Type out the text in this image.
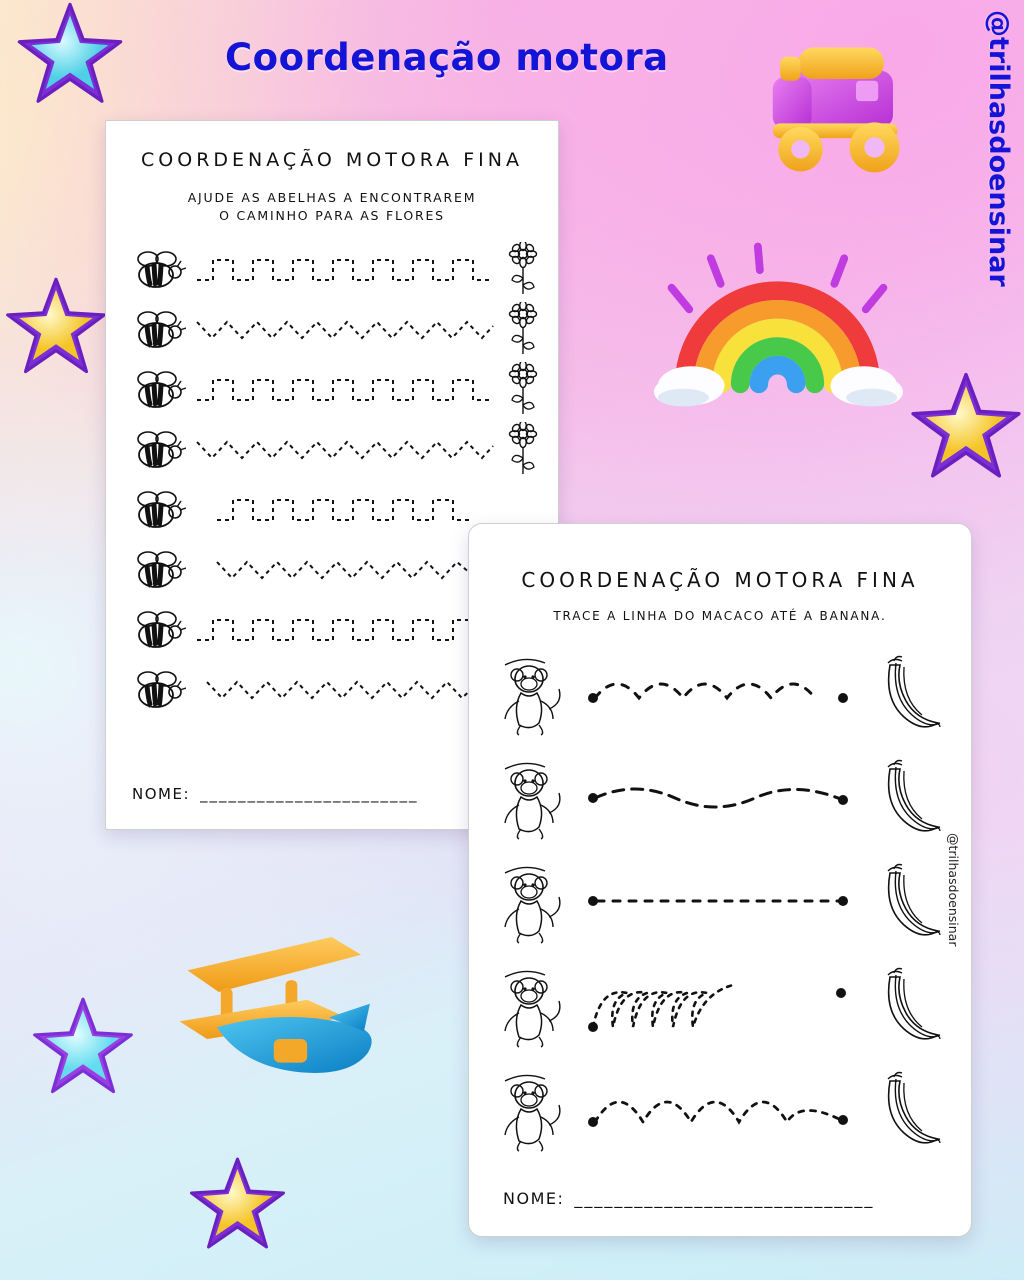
Coordenação motora	@trilhasdoensinar
COORDENAÇÃO MOTORA FINA
AJUDE AS ABELHAS A ENCONTRAREM
O CAMINHO PARA AS FLORES
NOME: _______________________
COORDENAÇÃO MOTORA FINA
TRACE A LINHA DO MACACO ATÉ A BANANA.
@trilhasdoensinar
NOME: ______________________________
